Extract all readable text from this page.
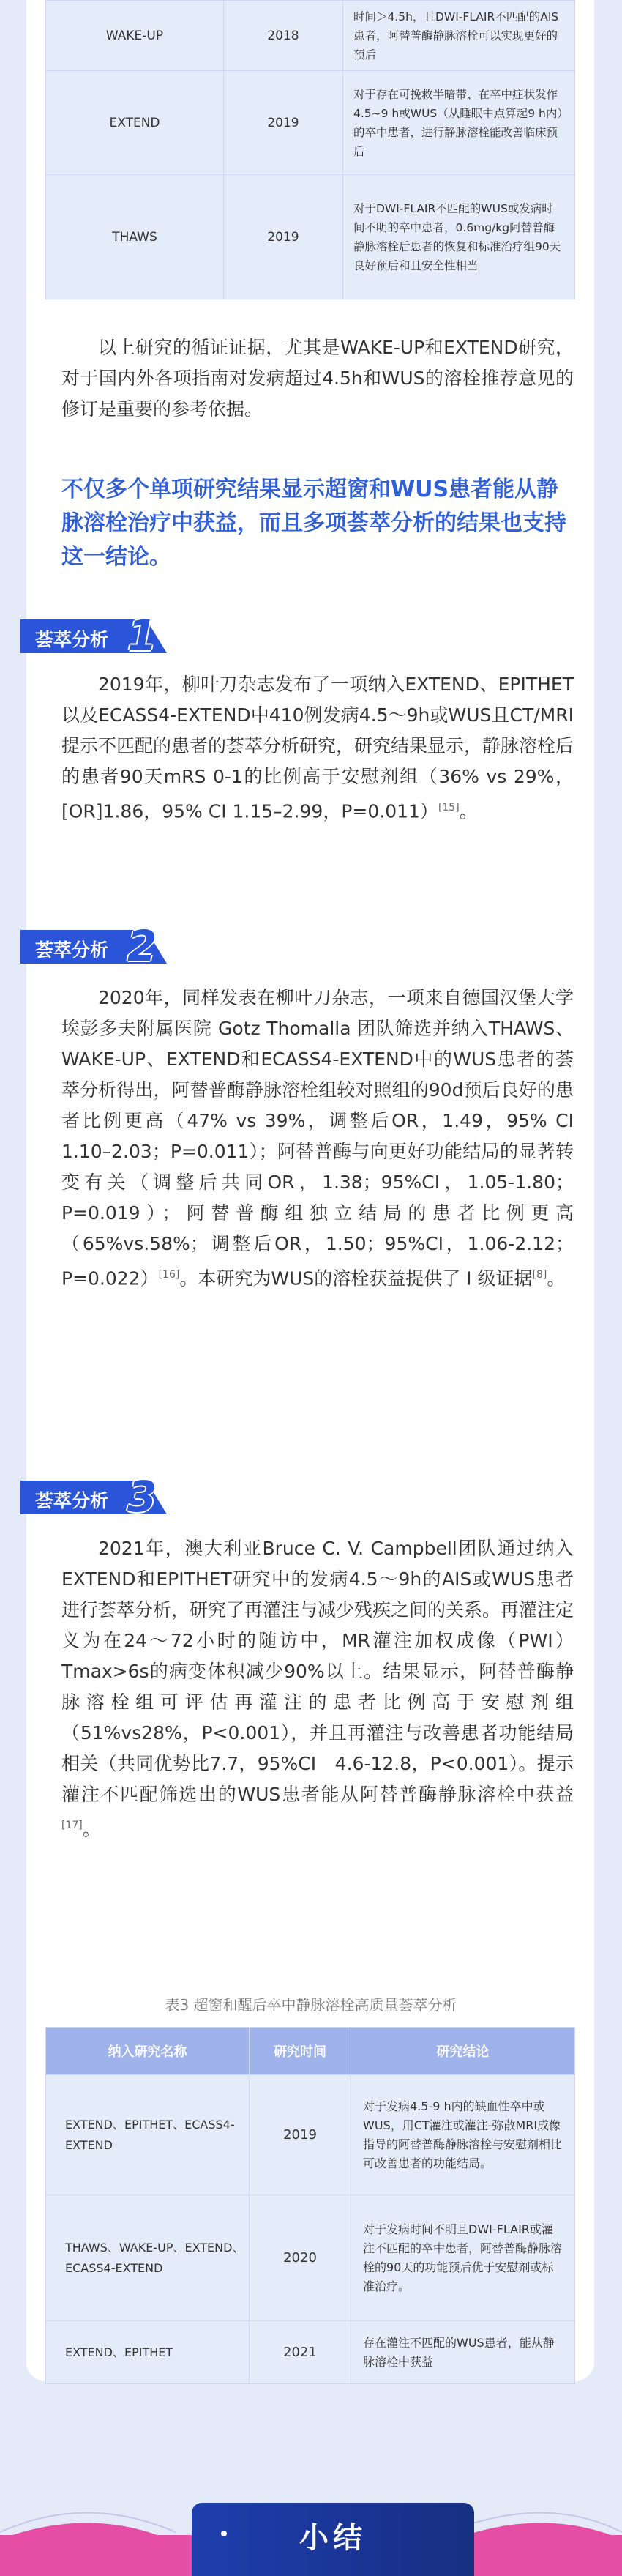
WAKE-UP	2018	时间＞4.5h，且DWI-FLAIR不匹配的AIS患者，阿替普酶静脉溶栓可以实现更好的预后
EXTEND	2019	对于存在可挽救半暗带、在卒中症状发作4.5~9 h或WUS（从睡眠中点算起9 h内）的卒中患者，进行静脉溶栓能改善临床预后
THAWS	2019	对于DWI-FLAIR不匹配的WUS或发病时间不明的卒中患者，0.6mg/kg阿替普酶静脉溶栓后患者的恢复和标准治疗组90天良好预后和且安全性相当

以上研究的循证证据，尤其是WAKE-UP和EXTEND研究，对于国内外各项指南对发病超过4.5h和WUS的溶栓推荐意见的修订是重要的参考依据。

不仅多个单项研究结果显示超窗和WUS患者能从静脉溶栓治疗中获益，而且多项荟萃分析的结果也支持这一结论。

荟萃分析 1

2019年，柳叶刀杂志发布了一项纳入EXTEND、EPITHET以及ECASS4-EXTEND中410例发病4.5～9h或WUS且CT/MRI提示不匹配的患者的荟萃分析研究，研究结果显示，静脉溶栓后的患者90天mRS 0-1的比例高于安慰剂组（36% vs 29%，[OR]1.86，95% CI 1.15–2.99，P=0.011）[15]。

荟萃分析 2

2020年，同样发表在柳叶刀杂志，一项来自德国汉堡大学埃彭多夫附属医院 Gotz Thomalla 团队筛选并纳入THAWS、WAKE-UP、EXTEND和ECASS4-EXTEND中的WUS患者的荟萃分析得出，阿替普酶静脉溶栓组较对照组的90d预后良好的患者比例更高（47% vs 39%，调整后OR，1.49，95% CI 1.10–2.03；P=0.011）；阿替普酶与向更好功能结局的显著转变有关（调整后共同OR，1.38；95%CI，1.05-1.80；P=0.019）；阿替普酶组独立结局的患者比例更高（65%vs.58%；调整后OR，1.50；95%CI，1.06-2.12；P=0.022）[16]。本研究为WUS的溶栓获益提供了 Ⅰ 级证据[8]。

荟萃分析 3

2021年，澳大利亚Bruce C. V. Campbell团队通过纳入EXTEND和EPITHET研究中的发病4.5～9h的AIS或WUS患者进行荟萃分析，研究了再灌注与减少残疾之间的关系。再灌注定义为在24～72小时的随访中，MR灌注加权成像（PWI）Tmax>6s的病变体积减少90%以上。结果显示，阿替普酶静脉溶栓组可评估再灌注的患者比例高于安慰剂组（51%vs28%，P<0.001），并且再灌注与改善患者功能结局相关（共同优势比7.7，95%CI　4.6-12.8，P<0.001）。提示灌注不匹配筛选出的WUS患者能从阿替普酶静脉溶栓中获益[17]。

表3 超窗和醒后卒中静脉溶栓高质量荟萃分析
纳入研究名称	研究时间	研究结论
EXTEND、EPITHET、ECASS4-EXTEND	2019	对于发病4.5-9 h内的缺血性卒中或WUS，用CT灌注或灌注-弥散MRI成像指导的阿替普酶静脉溶栓与安慰剂相比可改善患者的功能结局。
THAWS、WAKE-UP、EXTEND、ECASS4-EXTEND	2020	对于发病时间不明且DWI-FLAIR或灌注不匹配的卒中患者，阿替普酶静脉溶栓的90天的功能预后优于安慰剂或标准治疗。
EXTEND、EPITHET	2021	存在灌注不匹配的WUS患者，能从静脉溶栓中获益
小结
